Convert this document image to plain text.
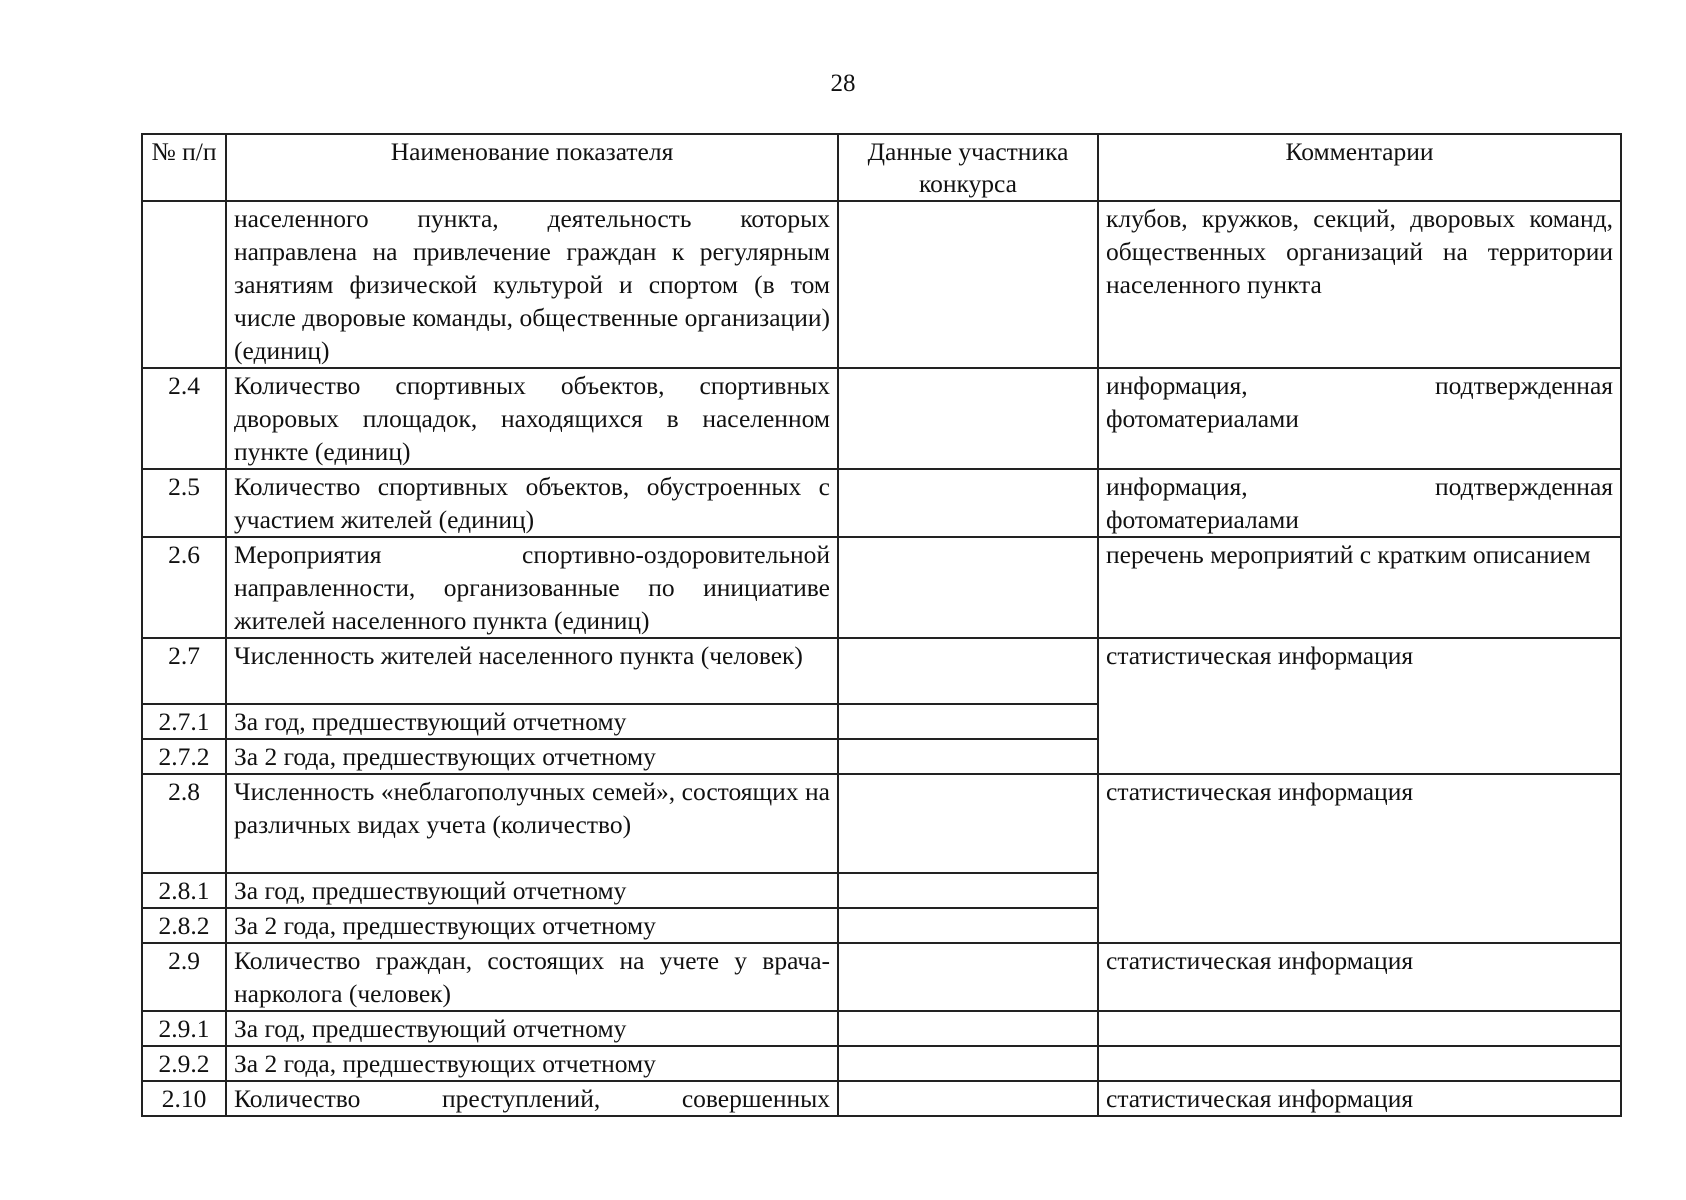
28
№ п/п	Наименование показателя	Данные участника конкурса	Комментарии
	населенного пункта, деятельность которых направлена на привлечение граждан к регулярным занятиям физической культурой и спортом (в том числе дворовые команды, общественные организации) (единиц)		клубов, кружков, секций, дворовых команд, общественных организаций на территории населенного пункта
2.4	Количество спортивных объектов, спортивных дворовых площадок, находящихся в населенном пункте (единиц)		информация, подтвержденная фотоматериалами
2.5	Количество спортивных объектов, обустроенных с участием жителей (единиц)		информация, подтвержденная фотоматериалами
2.6	Мероприятия спортивно-оздоровительной направленности, организованные по инициативе жителей населенного пункта (единиц)		перечень мероприятий с кратким описанием
2.7	Численность жителей населенного пункта (человек)		статистическая информация
2.7.1	За год, предшествующий отчетному		
2.7.2	За 2 года, предшествующих отчетному		
2.8	Численность «неблагополучных семей», состоящих на различных видах учета (количество)		статистическая информация
2.8.1	За год, предшествующий отчетному		
2.8.2	За 2 года, предшествующих отчетному		
2.9	Количество граждан, состоящих на учете у врача-нарколога (человек)		статистическая информация
2.9.1	За год, предшествующий отчетному		
2.9.2	За 2 года, предшествующих отчетному		
2.10	Количество преступлений, совершенных		статистическая информация
